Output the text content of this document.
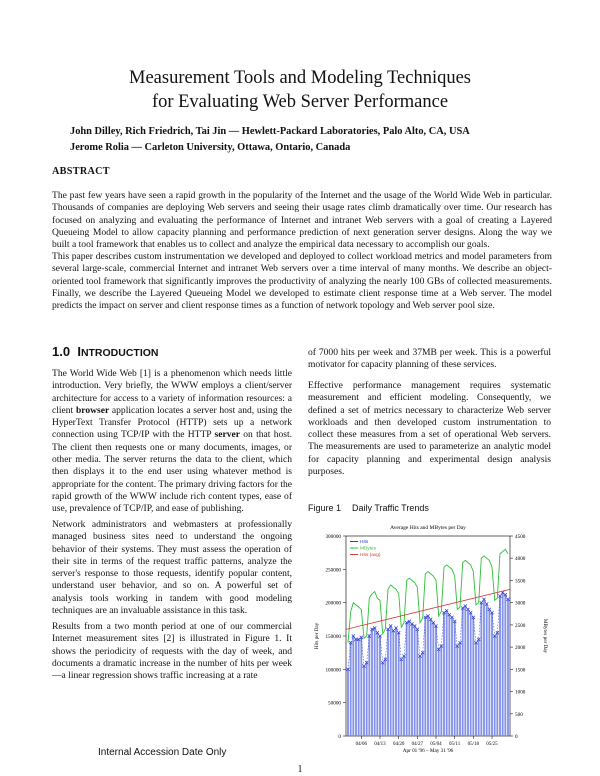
Measurement Tools and Modeling Techniques
for Evaluating Web Server Performance
John Dilley, Rich Friedrich, Tai Jin — Hewlett-Packard Laboratories, Palo Alto, CA, USA
Jerome Rolia — Carleton University, Ottawa, Ontario, Canada
ABSTRACT
The past few years have seen a rapid growth in the popularity of the Internet and the usage of the World Wide Web in particular. Thousands of companies are deploying Web servers and seeing their usage rates climb dramatically over time. Our research has focused on analyzing and evaluating the performance of Internet and intranet Web servers with a goal of creating a Layered Queueing Model to allow capacity planning and performance prediction of next generation server designs. Along the way we built a tool framework that enables us to collect and analyze the empirical data necessary to accomplish our goals.
This paper describes custom instrumentation we developed and deployed to collect workload metrics and model parameters from several large-scale, commercial Internet and intranet Web servers over a time interval of many months. We describe an object-oriented tool framework that significantly improves the productivity of analyzing the nearly 100 GBs of collected measurements. Finally, we describe the Layered Queueing Model we developed to estimate client response time at a Web server. The model predicts the impact on server and client response times as a function of network topology and Web server pool size.
1.0 INTRODUCTION
The World Wide Web [1] is a phenomenon which needs little introduction. Very briefly, the WWW employs a client/server architecture for access to a variety of information resources: a client browser application locates a server host and, using the HyperText Transfer Protocol (HTTP) sets up a network connection using TCP/IP with the HTTP server on that host. The client then requests one or many documents, images, or other media. The server returns the data to the client, which then displays it to the end user using whatever method is appropriate for the content. The primary driving factors for the rapid growth of the WWW include rich content types, ease of use, prevalence of TCP/IP, and ease of publishing.
Network administrators and webmasters at professionally managed business sites need to understand the ongoing behavior of their systems. They must assess the operation of their site in terms of the request traffic patterns, analyze the server's response to those requests, identify popular content, understand user behavior, and so on. A powerful set of analysis tools working in tandem with good modeling techniques are an invaluable assistance in this task.
Results from a two month period at one of our commercial Internet measurement sites [2] is illustrated in Figure 1. It shows the periodicity of requests with the day of week, and documents a dramatic increase in the number of hits per week—a linear regression shows traffic increasing at a rate
of 7000 hits per week and 37MB per week. This is a powerful motivator for capacity planning of these services.
Effective performance management requires systematic measurement and efficient modeling. Consequently, we defined a set of metrics necessary to characterize Web server workloads and then developed custom instrumentation to collect these measures from a set of operational Web servers. The measurements are used to parameterize an analytic model for capacity planning and experimental design analysis purposes.
Figure 1 Daily Traffic Trends
Average Hits and MBytes per Day
0
50000
100000
150000
200000
250000
300000
0
500
1000
1500
2000
2500
3000
3500
4000
4500
04/06 04/13 04/20 04/27 05/04 05/11 05/18 05/25
Apr 01 '96 – May 31 '96
Hits per Day	MBytes per Day
Hits
MBytes
Hits (avg)
Internal Accession Date Only
1
